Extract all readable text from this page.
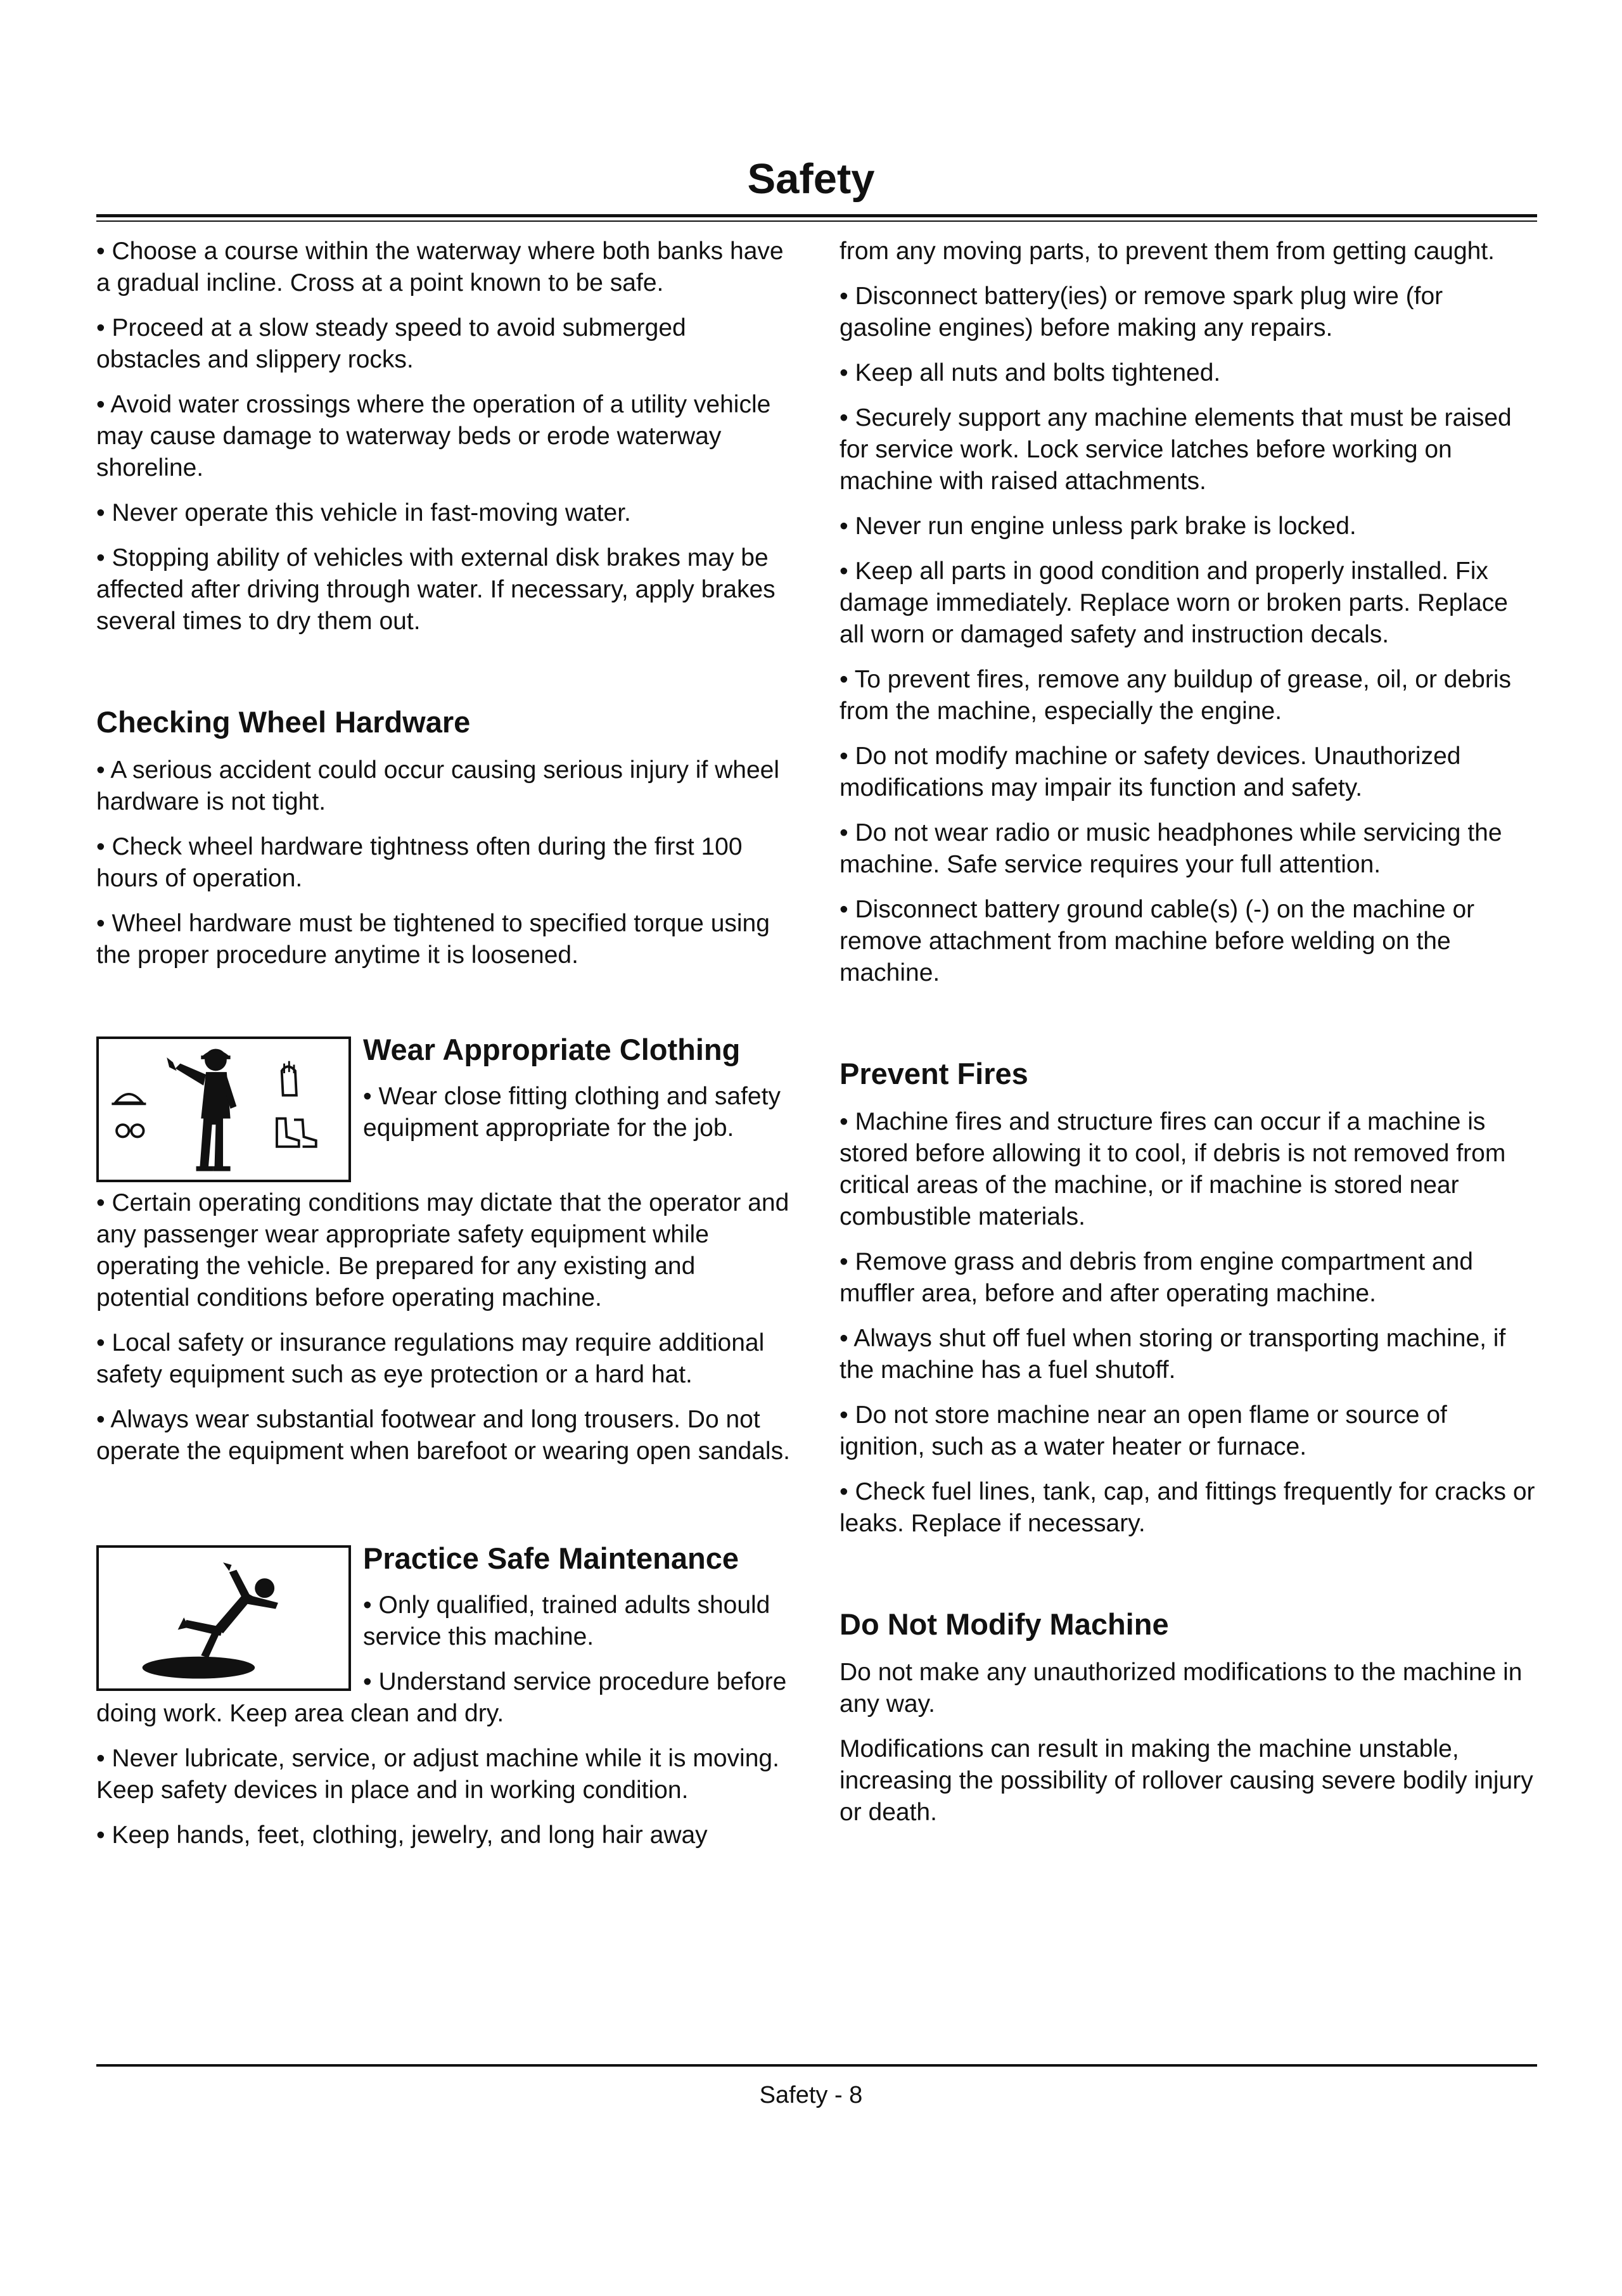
Safety

• Choose a course within the waterway where both banks have a gradual incline. Cross at a point known to be safe.

• Proceed at a slow steady speed to avoid submerged obstacles and slippery rocks.

• Avoid water crossings where the operation of a utility vehicle may cause damage to waterway beds or erode waterway shoreline.

• Never operate this vehicle in fast-moving water.

• Stopping ability of vehicles with external disk brakes may be affected after driving through water. If necessary, apply brakes several times to dry them out.

Checking Wheel Hardware

• A serious accident could occur causing serious injury if wheel hardware is not tight.

• Check wheel hardware tightness often during the first 100 hours of operation.

• Wheel hardware must be tightened to specified torque using the proper procedure anytime it is loosened.

Wear Appropriate Clothing

• Wear close fitting clothing and safety equipment appropriate for the job.

• Certain operating conditions may dictate that the operator and any passenger wear appropriate safety equipment while operating the vehicle. Be prepared for any existing and potential conditions before operating machine.

• Local safety or insurance regulations may require additional safety equipment such as eye protection or a hard hat.

• Always wear substantial footwear and long trousers. Do not operate the equipment when barefoot or wearing open sandals.

Practice Safe Maintenance

• Only qualified, trained adults should service this machine.

• Understand service procedure before doing work. Keep area clean and dry.

• Never lubricate, service, or adjust machine while it is moving. Keep safety devices in place and in working condition.

• Keep hands, feet, clothing, jewelry, and long hair away

from any moving parts, to prevent them from getting caught.

• Disconnect battery(ies) or remove spark plug wire (for gasoline engines) before making any repairs.

• Keep all nuts and bolts tightened.

• Securely support any machine elements that must be raised for service work. Lock service latches before working on machine with raised attachments.

• Never run engine unless park brake is locked.

• Keep all parts in good condition and properly installed. Fix damage immediately. Replace worn or broken parts. Replace all worn or damaged safety and instruction decals.

• To prevent fires, remove any buildup of grease, oil, or debris from the machine, especially the engine.

• Do not modify machine or safety devices. Unauthorized modifications may impair its function and safety.

• Do not wear radio or music headphones while servicing the machine. Safe service requires your full attention.

• Disconnect battery ground cable(s) (-) on the machine or remove attachment from machine before welding on the machine.

Prevent Fires

• Machine fires and structure fires can occur if a machine is stored before allowing it to cool, if debris is not removed from critical areas of the machine, or if machine is stored near combustible materials.

• Remove grass and debris from engine compartment and muffler area, before and after operating machine.

• Always shut off fuel when storing or transporting machine, if the machine has a fuel shutoff.

• Do not store machine near an open flame or source of ignition, such as a water heater or furnace.

• Check fuel lines, tank, cap, and fittings frequently for cracks or leaks. Replace if necessary.

Do Not Modify Machine

Do not make any unauthorized modifications to the machine in any way.

Modifications can result in making the machine unstable, increasing the possibility of rollover causing severe bodily injury or death.

Safety - 8
